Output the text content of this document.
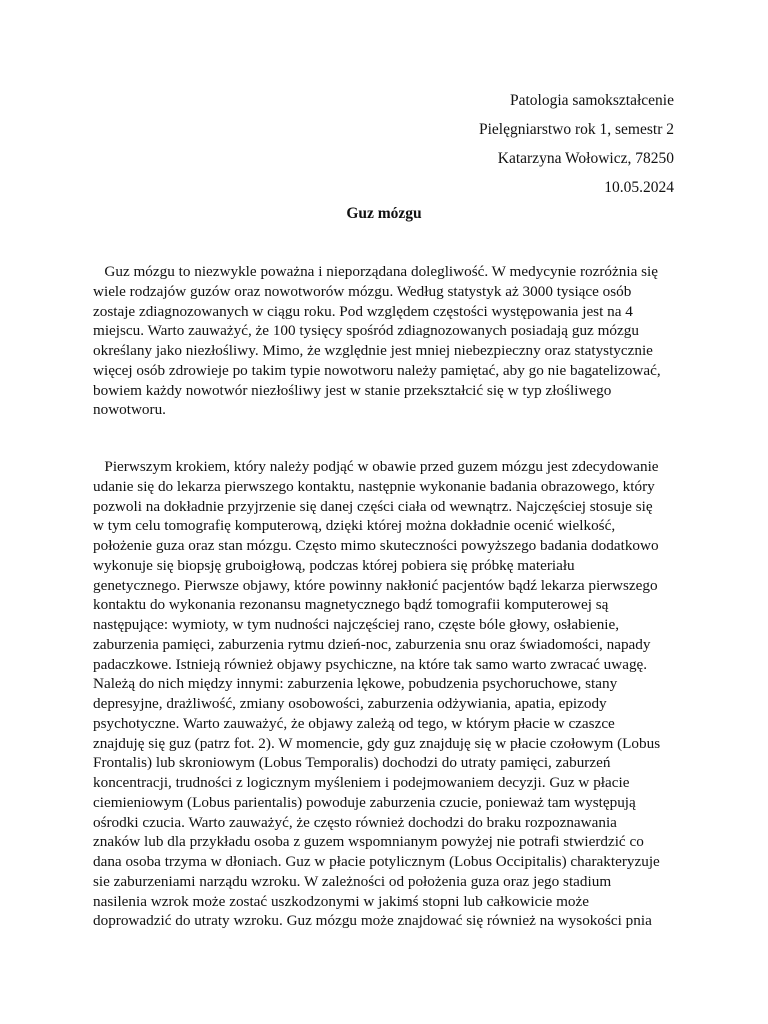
Patologia samokształcenie
Pielęgniarstwo rok 1, semestr 2
Katarzyna Wołowicz, 78250
10.05.2024
Guz mózgu

Guz mózgu to niezwykle poważna i nieporządana dolegliwość. W medycynie rozróżnia się
wiele rodzajów guzów oraz nowotworów mózgu. Według statystyk aż 3000 tysiące osób
zostaje zdiagnozowanych w ciągu roku. Pod względem częstości występowania jest na 4
miejscu. Warto zauważyć, że 100 tysięcy spośród zdiagnozowanych posiadają guz mózgu
określany jako niezłośliwy. Mimo, że względnie jest mniej niebezpieczny oraz statystycznie
więcej osób zdrowieje po takim typie nowotworu należy pamiętać, aby go nie bagatelizować,
bowiem każdy nowotwór niezłośliwy jest w stanie przekształcić się w typ złośliwego
nowotworu.

Pierwszym krokiem, który należy podjąć w obawie przed guzem mózgu jest zdecydowanie
udanie się do lekarza pierwszego kontaktu, następnie wykonanie badania obrazowego, który
pozwoli na dokładnie przyjrzenie się danej części ciała od wewnątrz. Najczęściej stosuje się
w tym celu tomografię komputerową, dzięki której można dokładnie ocenić wielkość,
położenie guza oraz stan mózgu. Często mimo skuteczności powyższego badania dodatkowo
wykonuje się biopsję gruboigłową, podczas której pobiera się próbkę materiału
genetycznego. Pierwsze objawy, które powinny nakłonić pacjentów bądź lekarza pierwszego
kontaktu do wykonania rezonansu magnetycznego bądź tomografii komputerowej są
następujące: wymioty, w tym nudności najczęściej rano, częste bóle głowy, osłabienie,
zaburzenia pamięci, zaburzenia rytmu dzień-noc, zaburzenia snu oraz świadomości, napady
padaczkowe. Istnieją również objawy psychiczne, na które tak samo warto zwracać uwagę.
Należą do nich między innymi: zaburzenia lękowe, pobudzenia psychoruchowe, stany
depresyjne, drażliwość, zmiany osobowości, zaburzenia odżywiania, apatia, epizody
psychotyczne. Warto zauważyć, że objawy zależą od tego, w którym płacie w czaszce
znajduję się guz (patrz fot. 2). W momencie, gdy guz znajduję się w płacie czołowym (Lobus
Frontalis) lub skroniowym (Lobus Temporalis) dochodzi do utraty pamięci, zaburzeń
koncentracji, trudności z logicznym myśleniem i podejmowaniem decyzji. Guz w płacie
ciemieniowym (Lobus parientalis) powoduje zaburzenia czucie, ponieważ tam występują
ośrodki czucia. Warto zauważyć, że często również dochodzi do braku rozpoznawania
znaków lub dla przykładu osoba z guzem wspomnianym powyżej nie potrafi stwierdzić co
dana osoba trzyma w dłoniach. Guz w płacie potylicznym (Lobus Occipitalis) charakteryzuje
sie zaburzeniami narządu wzroku. W zależności od położenia guza oraz jego stadium
nasilenia wzrok może zostać uszkodzonymi w jakimś stopni lub całkowicie może
doprowadzić do utraty wzroku. Guz mózgu może znajdować się również na wysokości pnia
